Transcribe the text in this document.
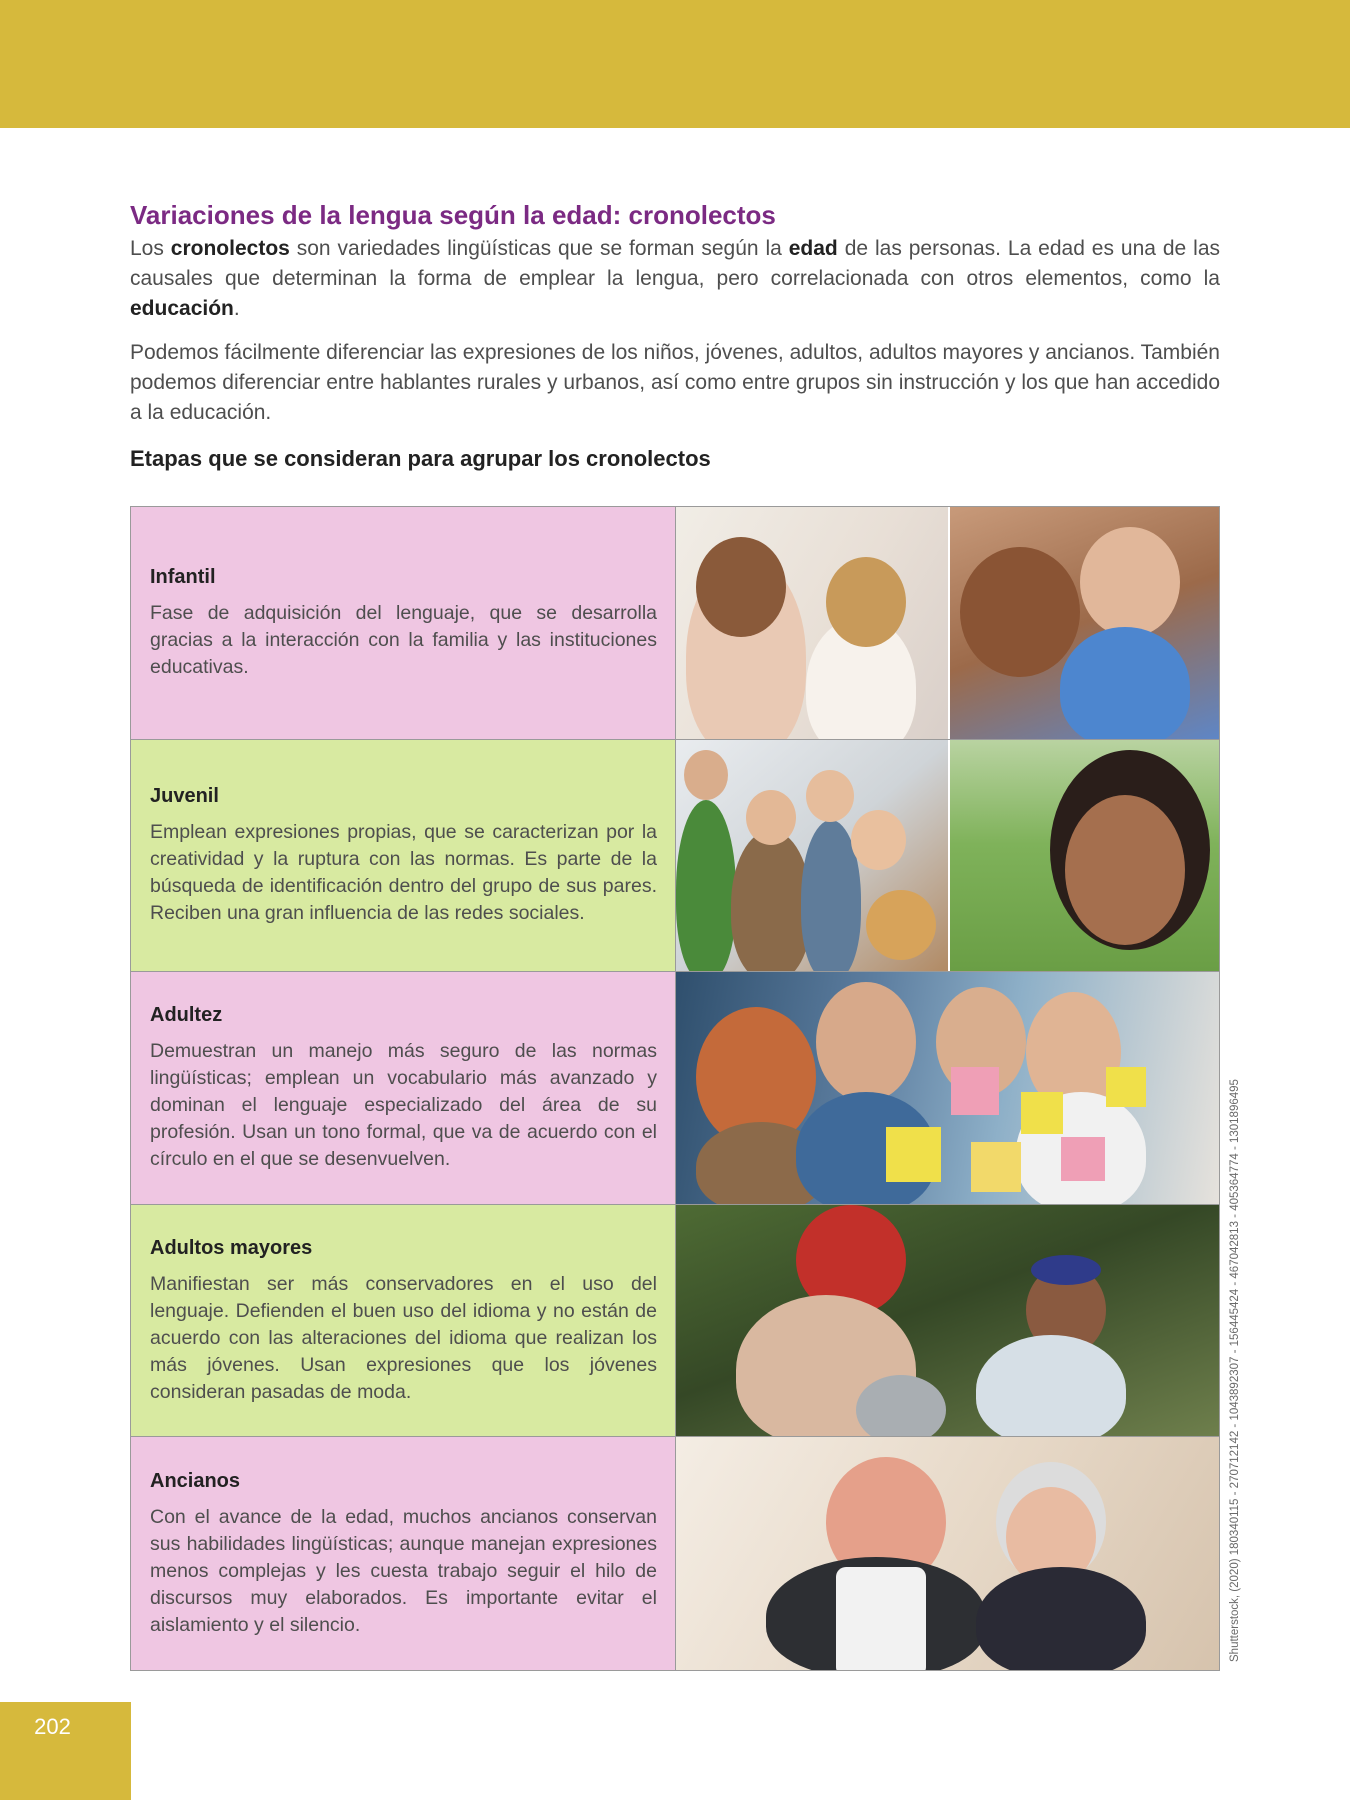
Variaciones de la lengua según la edad: cronolectos

Los cronolectos son variedades lingüísticas que se forman según la edad de las personas. La edad es una de las causales que determinan la forma de emplear la lengua, pero correlacionada con otros elementos, como la educación.

Podemos fácilmente diferenciar las expresiones de los niños, jóvenes, adultos, adultos mayores y ancianos. También podemos diferenciar entre hablantes rurales y urbanos, así como entre grupos sin instrucción y los que han accedido a la educación.

Etapas que se consideran para agrupar los cronolectos
Infantil
Fase de adquisición del lenguaje, que se desarrolla gracias a la interacción con la familia y las instituciones educativas.
Juvenil
Emplean expresiones propias, que se caracterizan por la creatividad y la ruptura con las normas. Es parte de la búsqueda de identificación dentro del grupo de sus pares. Reciben una gran influencia de las redes sociales.
Adultez
Demuestran un manejo más seguro de las normas lingüísticas; emplean un vocabulario más avanzado y dominan el lenguaje especializado del área de su profesión. Usan un tono formal, que va de acuerdo con el círculo en el que se desenvuelven.
Adultos mayores
Manifiestan ser más conservadores en el uso del lenguaje. Defienden el buen uso del idioma y no están de acuerdo con las alteraciones del idioma que realizan los más jóvenes. Usan expresiones que los jóvenes consideran pasadas de moda.
Ancianos
Con el avance de la edad, muchos ancianos conservan sus habilidades lingüísticas; aunque manejan expresiones menos complejas y les cuesta trabajo seguir el hilo de discursos muy elaborados. Es importante evitar el aislamiento y el silencio.	Shutterstock, (2020) 180340115 - 270712142 - 1043892307 - 156445424 - 467042813 - 405364774 - 1301896495
202
